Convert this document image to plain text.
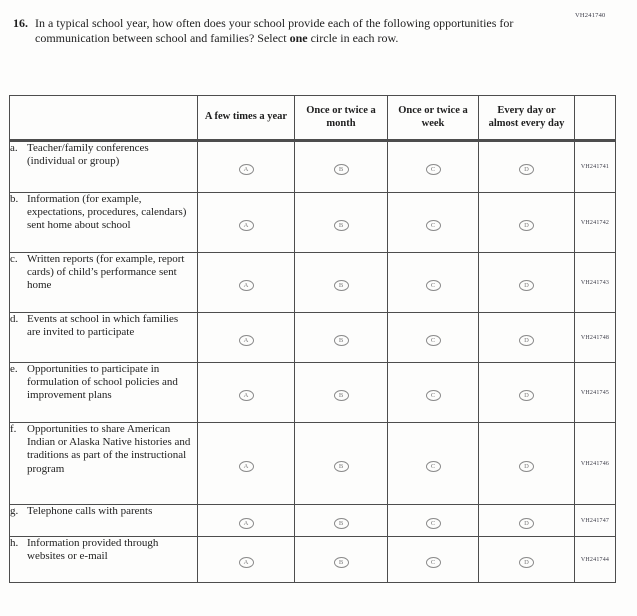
VH241740
16. In a typical school year, how often does your school provide each of the following opportunities for communication between school and families? Select one circle in each row.
	A few times a year	Once or twice a month	Once or twice a week	Every day or almost every day	

a. Teacher/family conferences (individual or group)	A	B	C	D	VH241741

b. Information (for example, expectations, procedures, calendars) sent home about school	A	B	C	D	VH241742

c. Written reports (for example, report cards) of child’s performance sent home	A	B	C	D	VH241743

d. Events at school in which families are invited to participate	A	B	C	D	VH241748

e. Opportunities to participate in formulation of school policies and improvement plans	A	B	C	D	VH241745

f. Opportunities to share American Indian or Alaska Native histories and traditions as part of the instructional program	A	B	C	D	VH241746

g. Telephone calls with parents	A	B	C	D	VH241747

h. Information provided through websites or e-mail	A	B	C	D	VH241744
